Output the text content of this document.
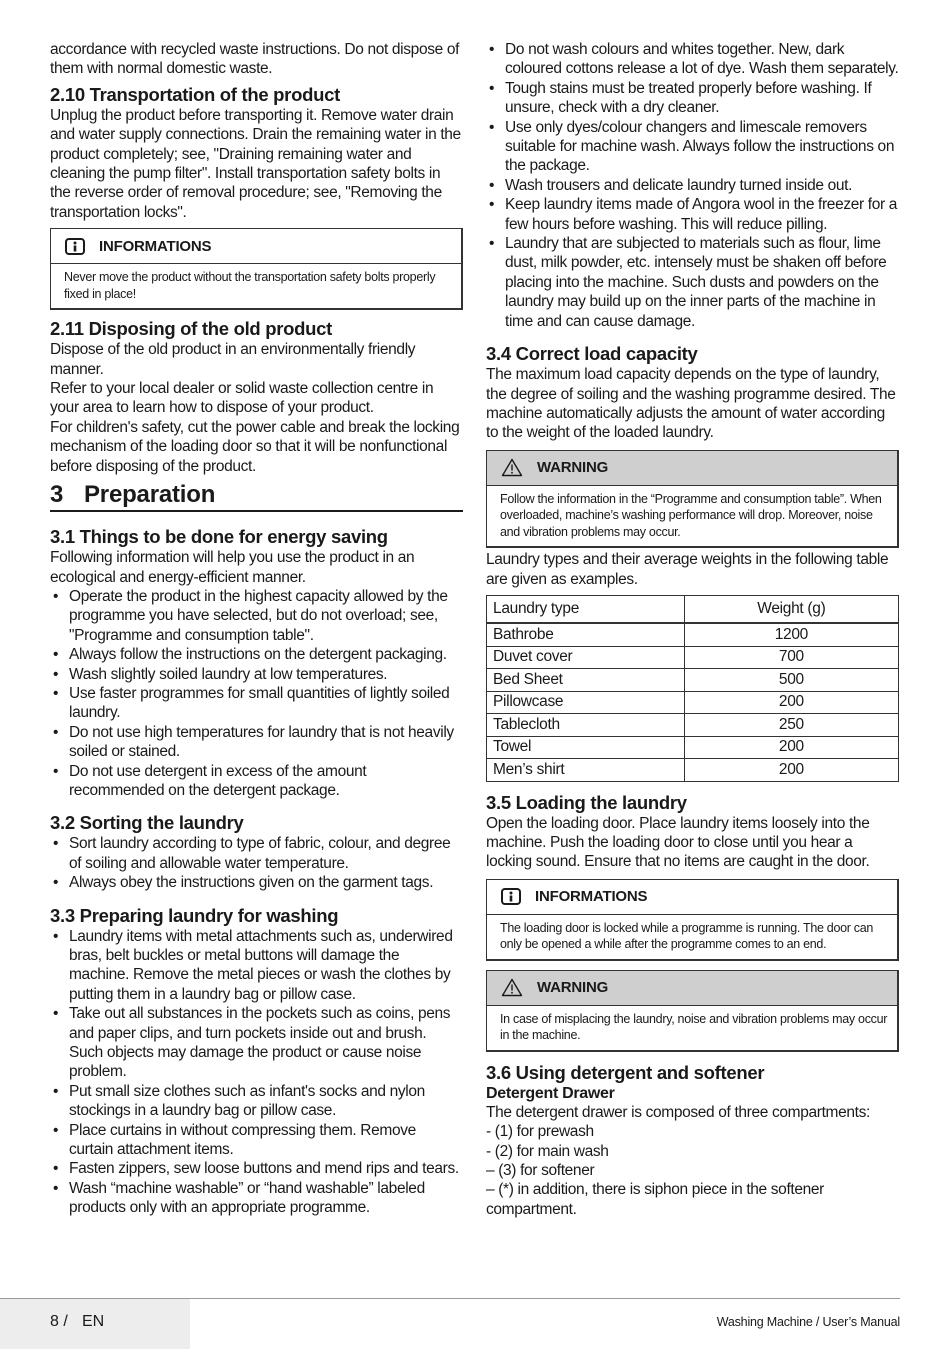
accordance with recycled waste instructions. Do not dispose of them with normal domestic waste.

2.10 Transportation of the product

Unplug the product before transporting it. Remove water drain and water supply connections. Drain the remaining water in the product completely; see, "Draining remaining water and cleaning the pump filter". Install transportation safety bolts in the reverse order of removal procedure; see, "Removing the transportation locks".

INFORMATIONS
Never move the product without the transportation safety bolts properly fixed in place!
2.11 Disposing of the old product

Dispose of the old product in an environmentally friendly manner.

Refer to your local dealer or solid waste collection centre in your area to learn how to dispose of your product.

For children's safety, cut the power cable and break the locking mechanism of the loading door so that it will be nonfunctional before disposing of the product.

3 Preparation
3.1 Things to be done for energy saving

Following information will help you use the product in an ecological and energy-efficient manner.

• Operate the product in the highest capacity allowed by the programme you have selected, but do not overload; see, "Programme and consumption table".
• Always follow the instructions on the detergent packaging.
• Wash slightly soiled laundry at low temperatures.
• Use faster programmes for small quantities of lightly soiled laundry.
• Do not use high temperatures for laundry that is not heavily soiled or stained.
• Do not use detergent in excess of the amount recommended on the detergent package.
3.2 Sorting the laundry
• Sort laundry according to type of fabric, colour, and degree of soiling and allowable water temperature.
• Always obey the instructions given on the garment tags.
3.3 Preparing laundry for washing
• Laundry items with metal attachments such as, underwired bras, belt buckles or metal buttons will damage the machine. Remove the metal pieces or wash the clothes by putting them in a laundry bag or pillow case.
• Take out all substances in the pockets such as coins, pens and paper clips, and turn pockets inside out and brush. Such objects may damage the product or cause noise problem.
• Put small size clothes such as infant's socks and nylon stockings in a laundry bag or pillow case.
• Place curtains in without compressing them. Remove curtain attachment items.
• Fasten zippers, sew loose buttons and mend rips and tears.
• Wash “machine washable” or “hand washable” labeled products only with an appropriate programme.
• Do not wash colours and whites together. New, dark coloured cottons release a lot of dye. Wash them separately.
• Tough stains must be treated properly before washing. If unsure, check with a dry cleaner.
• Use only dyes/colour changers and limescale removers suitable for machine wash. Always follow the instructions on the package.
• Wash trousers and delicate laundry turned inside out.
• Keep laundry items made of Angora wool in the freezer for a few hours before washing. This will reduce pilling.
• Laundry that are subjected to materials such as flour, lime dust, milk powder, etc. intensely must be shaken off before placing into the machine. Such dusts and powders on the laundry may build up on the inner parts of the machine in time and can cause damage.
3.4 Correct load capacity

The maximum load capacity depends on the type of laundry, the degree of soiling and the washing programme desired. The machine automatically adjusts the amount of water according to the weight of the loaded laundry.

WARNING
Follow the information in the “Programme and consumption table”. When overloaded, machine’s washing performance will drop. Moreover, noise and vibration problems may occur.

Laundry types and their average weights in the following table are given as examples.

Laundry type	Weight (g)
Bathrobe	1200
Duvet cover	700
Bed Sheet	500
Pillowcase	200
Tablecloth	250
Towel	200
Men’s shirt	200
3.5 Loading the laundry

Open the loading door. Place laundry items loosely into the machine. Push the loading door to close until you hear a locking sound. Ensure that no items are caught in the door.

INFORMATIONS
The loading door is locked while a programme is running. The door can only be opened a while after the programme comes to an end.
WARNING
In case of misplacing the laundry, noise and vibration problems may occur in the machine.
3.6 Using detergent and softener
Detergent Drawer

The detergent drawer is composed of three compartments:

- (1) for prewash

- (2) for main wash

– (3) for softener

– (*) in addition, there is siphon piece in the softener compartment.

8 / EN	Washing Machine / User’s Manual
